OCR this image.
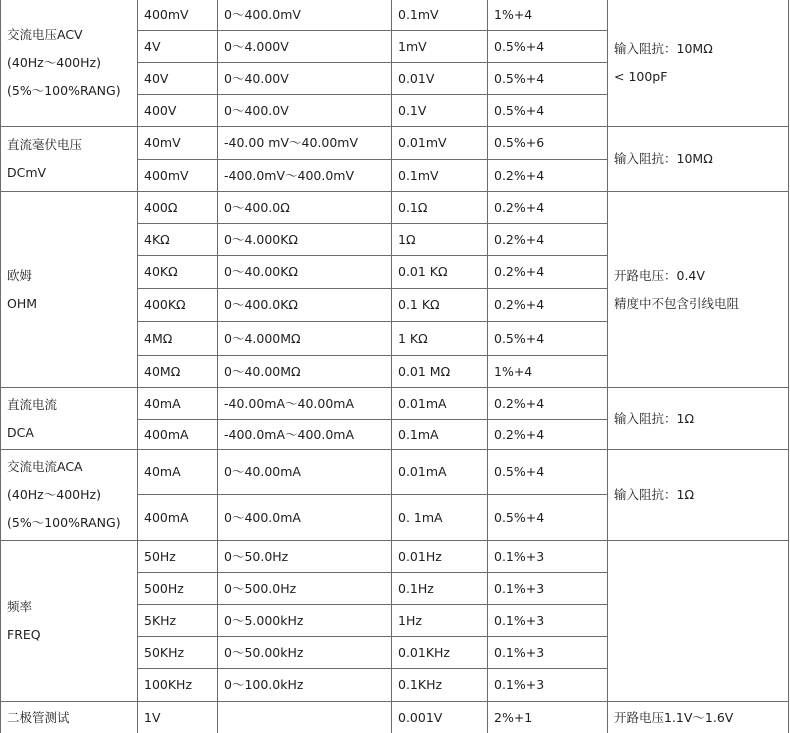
交流电压ACV
(40Hz～400Hz)
(5%～100%RANG)	400mV	0～400.0mV	0.1mV	1%+4	输入阻抗：10MΩ
< 100pF

	4V	0～4.000V	1mV	0.5%+4	
	40V	0～40.00V	0.01V	0.5%+4	
	400V	0～400.0V	0.1V	0.5%+4	

直流毫伏电压
DCmV	40mV	-40.00 mV～40.00mV	0.01mV	0.5%+6	输入阻抗：10MΩ

	400mV	-400.0mV～400.0mV	0.1mV	0.2%+4	

欧姆
OHM	400Ω	0～400.0Ω	0.1Ω	0.2%+4	开路电压：0.4V
精度中不包含引线电阻

	4KΩ	0～4.000KΩ	1Ω	0.2%+4	
	40KΩ	0～40.00KΩ	0.01 KΩ	0.2%+4	
	400KΩ	0～400.0KΩ	0.1 KΩ	0.2%+4	
	4MΩ	0～4.000MΩ	1 KΩ	0.5%+4	
	40MΩ	0～40.00MΩ	0.01 MΩ	1%+4	

直流电流
DCA	40mA	-40.00mA～40.00mA	0.01mA	0.2%+4	输入阻抗：1Ω

	400mA	-400.0mA～400.0mA	0.1mA	0.2%+4	

交流电流ACA
(40Hz～400Hz)
(5%～100%RANG)	40mA	0～40.00mA	0.01mA	0.5%+4	输入阻抗：1Ω

	400mA	0～400.0mA	0. 1mA	0.5%+4	

频率
FREQ	50Hz	0～50.0Hz	0.01Hz	0.1%+3	
	500Hz	0～500.0Hz	0.1Hz	0.1%+3	
	5KHz	0～5.000kHz	1Hz	0.1%+3	
	50KHz	0～50.00kHz	0.01KHz	0.1%+3	
	100KHz	0～100.0kHz	0.1KHz	0.1%+3	

二极管测试	1V		0.001V	2%+1	开路电压1.1V～1.6V
